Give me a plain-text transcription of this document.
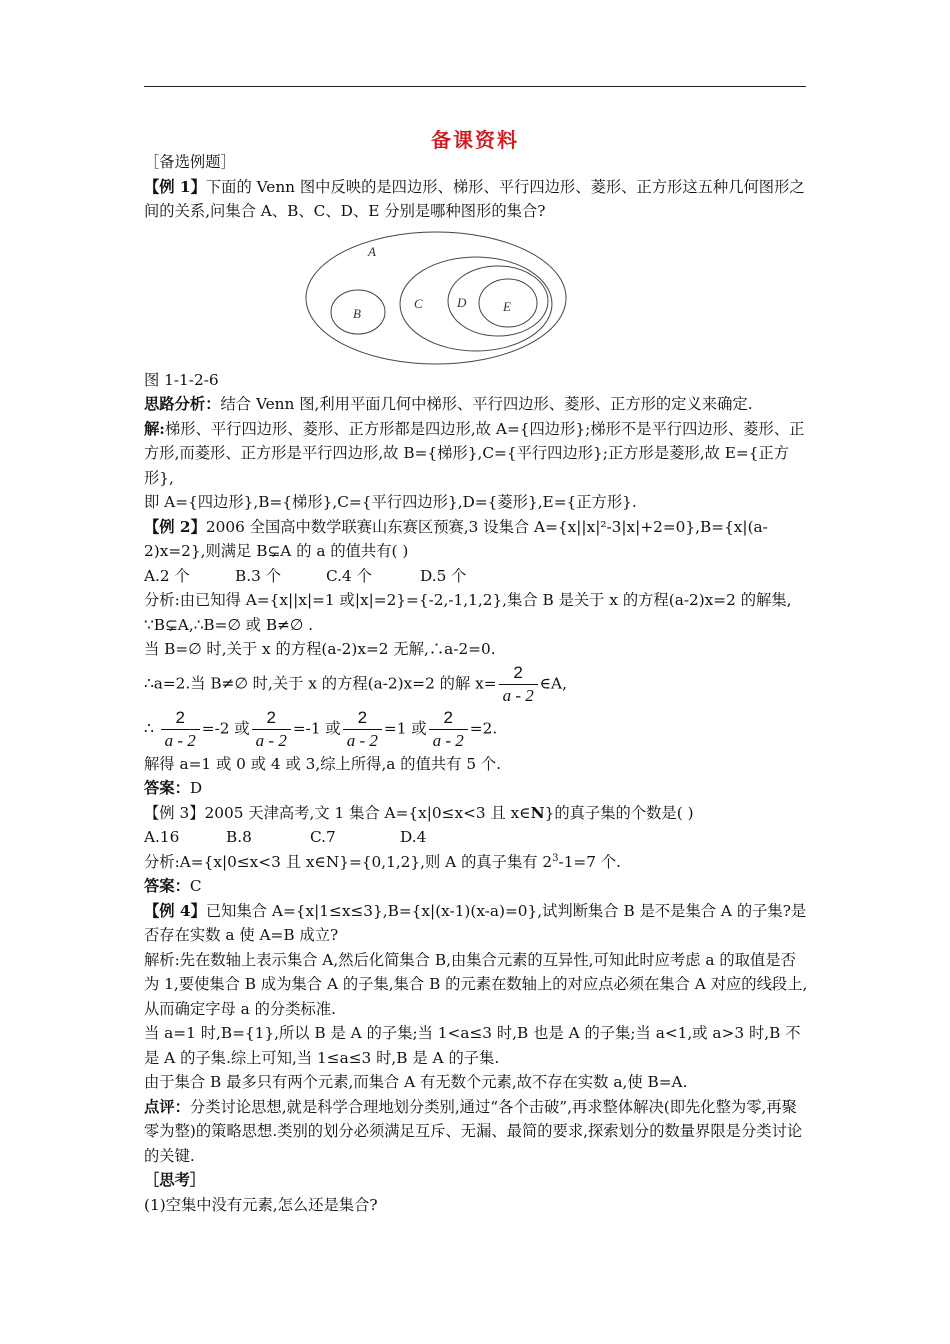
备课资料

［备选例题］

【例 1】下面的 Venn 图中反映的是四边形、梯形、平行四边形、菱形、正方形这五种几何图形之间的关系,问集合 A、B、C、D、E 分别是哪种图形的集合?

A
B
C	D	E

图 1-1-2-6

思路分析：结合 Venn 图,利用平面几何中梯形、平行四边形、菱形、正方形的定义来确定.

解:梯形、平行四边形、菱形、正方形都是四边形,故 A={四边形};梯形不是平行四边形、菱形、正方形,而菱形、正方形是平行四边形,故 B={梯形},C={平行四边形};正方形是菱形,故 E={正方形},

即 A={四边形},B={梯形},C={平行四边形},D={菱形},E={正方形}.

【例 2】2006 全国高中数学联赛山东赛区预赛,3 设集合 A={x||x|²-3|x|+2=0},B={x|(a-2)x=2},则满足 B⊊A 的 a 的值共有( )

A.2 个	B.3 个	C.4 个	D.5 个

分析:由已知得 A={x||x|=1 或|x|=2}={-2,-1,1,2},集合 B 是关于 x 的方程(a-2)x=2 的解集,

∵B⊊A,∴B=∅ 或 B≠∅ .

当 B=∅ 时,关于 x 的方程(a-2)x=2 无解,∴a-2=0.

∴a=2.当 B≠∅ 时,关于 x 的方程(a-2)x=2 的解 $x= \frac{2}{a - 2}$ ∈A,

∴ $\frac{2}{a - 2} =-2$ 或 $\frac{2}{a - 2} =-1$ 或 $\frac{2}{a - 2} =1$ 或 $\frac{2}{a - 2} =2$.

解得 a=1 或 0 或 4 或 3,综上所得,a 的值共有 5 个.

答案：D

【例 3】2005 天津高考,文 1 集合 A={x|0≤x<3 且 x∈N}的真子集的个数是( )

A.16	B.8	C.7	D.4

分析:A={x|0≤x<3 且 x∈N}={0,1,2},则 A 的真子集有 $2^3-1=7$ 个.

答案：C

【例 4】已知集合 A={x|1≤x≤3},B={x|(x-1)(x-a)=0},试判断集合 B 是不是集合 A 的子集?是否存在实数 a 使 A=B 成立?

解析:先在数轴上表示集合 A,然后化简集合 B,由集合元素的互异性,可知此时应考虑 a 的取值是否为 1,要使集合 B 成为集合 A 的子集,集合 B 的元素在数轴上的对应点必须在集合 A 对应的线段上,从而确定字母 a 的分类标准.

当 a=1 时,B={1},所以 B 是 A 的子集;当 1<a≤3 时,B 也是 A 的子集;当 a<1,或 a>3 时,B 不是 A 的子集.综上可知,当 1≤a≤3 时,B 是 A 的子集.

由于集合 B 最多只有两个元素,而集合 A 有无数个元素,故不存在实数 a,使 B=A.

点评：分类讨论思想,就是科学合理地划分类别,通过“各个击破”,再求整体解决(即先化整为零,再聚零为整)的策略思想.类别的划分必须满足互斥、无漏、最简的要求,探索划分的数量界限是分类讨论的关键.

［思考］

(1)空集中没有元素,怎么还是集合?
